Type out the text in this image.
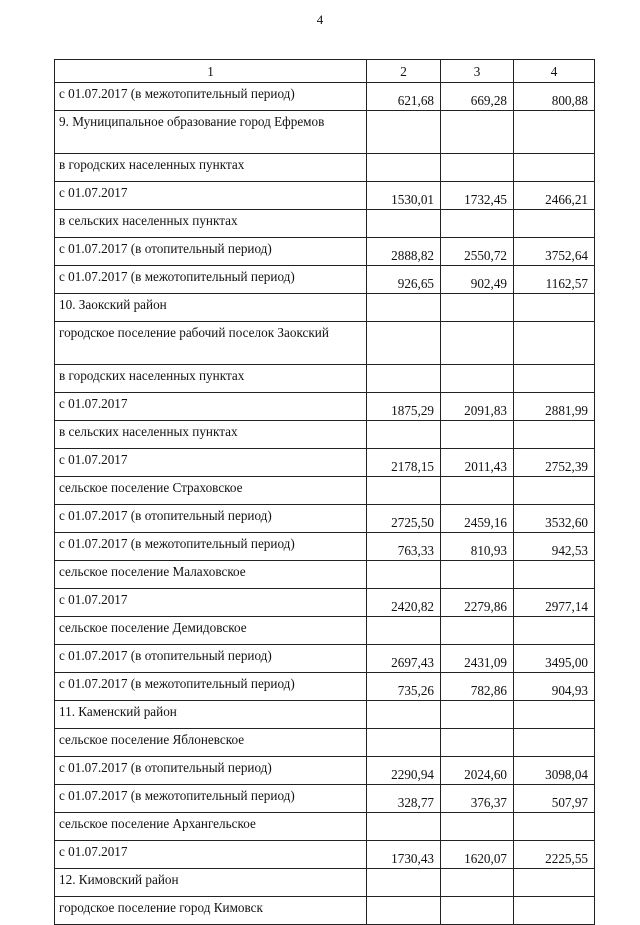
4
1	2	3	4
с 01.07.2017 (в межотопительный период)	621,68	669,28	800,88
9. Муниципальное образование город Ефремов			
в городских населенных пунктах			
с 01.07.2017	1530,01	1732,45	2466,21
в сельских населенных пунктах			
с 01.07.2017 (в отопительный период)	2888,82	2550,72	3752,64
с 01.07.2017 (в межотопительный период)	926,65	902,49	1162,57
10. Заокский район			
городское поселение рабочий поселок Заокский			
в городских населенных пунктах			
с 01.07.2017	1875,29	2091,83	2881,99
в сельских населенных пунктах			
с 01.07.2017	2178,15	2011,43	2752,39
сельское поселение Страховское			
с 01.07.2017 (в отопительный период)	2725,50	2459,16	3532,60
с 01.07.2017 (в межотопительный период)	763,33	810,93	942,53
сельское поселение Малаховское			
с 01.07.2017	2420,82	2279,86	2977,14
сельское поселение Демидовское			
с 01.07.2017 (в отопительный период)	2697,43	2431,09	3495,00
с 01.07.2017 (в межотопительный период)	735,26	782,86	904,93
11. Каменский район			
сельское поселение Яблоневское			
с 01.07.2017 (в отопительный период)	2290,94	2024,60	3098,04
с 01.07.2017 (в межотопительный период)	328,77	376,37	507,97
сельское поселение Архангельское			
с 01.07.2017	1730,43	1620,07	2225,55
12. Кимовский район			
городское поселение город Кимовск			
